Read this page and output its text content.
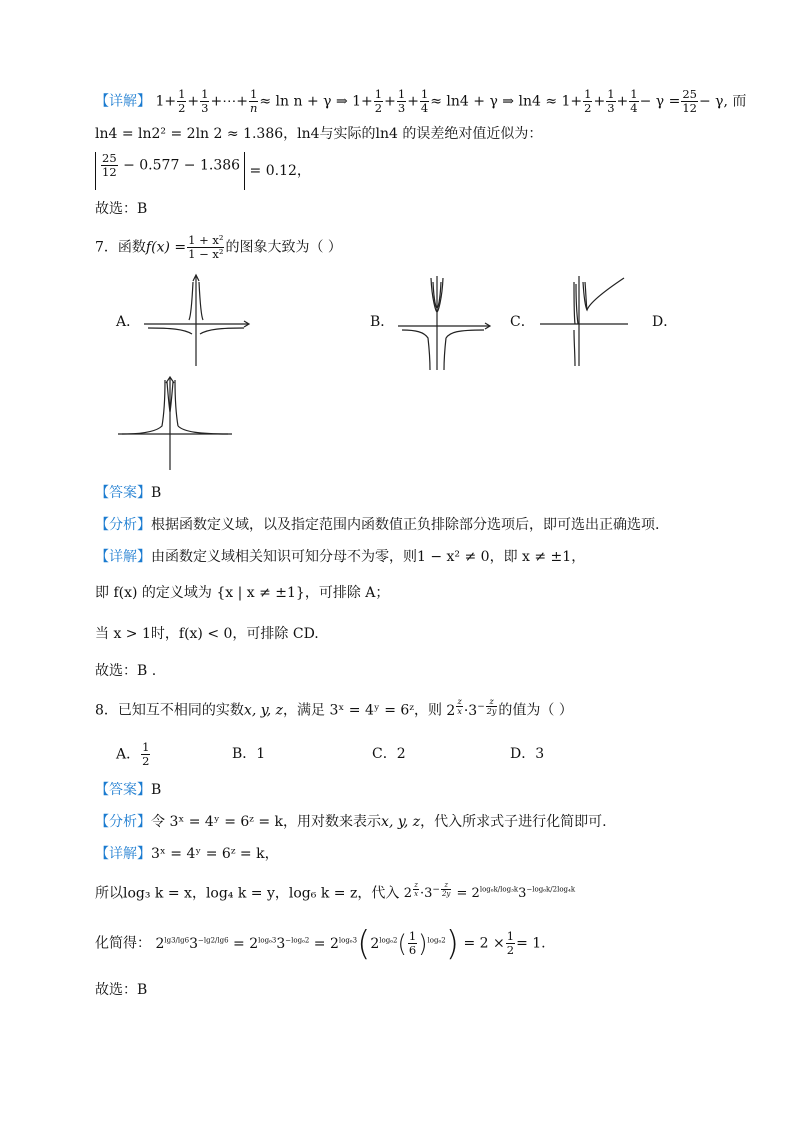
【详解】 $1+ \frac{1}{2} + \frac{1}{3}$ +⋯+ $\frac{1}{n} \approx \ln n + \gamma$ ⇒ $1+ \frac{1}{2} + \frac{1}{3} + \frac{1}{4} \approx \ln 4 + \gamma$ ⇒ $\ln 4 \approx 1+ \frac{1}{2} + \frac{1}{3} + \frac{1}{4} - \gamma = \frac{25}{12} - \gamma$, 而
ln4 = ln2² = 2ln 2 ≈ 1.386，ln4与实际的ln4 的误差绝对值近似为：
$\frac{25}{12} - 0.577 - 1.386 = 0.12$，
故选：B
7．函数$f(x) = \frac{\text{1 + x²}}{\text{1 − x²}}$ 的图象大致为（ ）
A．	B．	C．	D．
【答案】B
【分析】根据函数定义域，以及指定范围内函数值正负排除部分选项后，即可选出正确选项.
【详解】由函数定义域相关知识可知分母不为零，则1 − x² ≠ 0，即 x ≠ ±1，
即 f(x) 的定义域为 {x | x ≠ ±1}，可排除 A；
当 x > 1时，f(x) < 0，可排除 CD.
故选：B .
8．已知互不相同的实数x, y, z，满足 3ˣ = 4ʸ = 6ᶻ，则 2 $^{\frac{z}{x}} \cdot 3^{- \frac{z}{2y}}$ 的值为（ ）
A． $\frac{1}{2}$	B．1	C．2	D．3
【答案】B
【分析】令 3ˣ = 4ʸ = 6ᶻ = k，用对数来表示x, y, z，代入所求式子进行化简即可.
【详解】3ˣ = 4ʸ = 6ᶻ = k，
所以log₃ k = x，log₄ k = y，log₆ k = z，代入 2 $^{\frac{z}{x}} \cdot 3^{- \frac{z}{2y}} = 2^{log_6k/log_3k}3^{-log_6k/2log_4k}$
化简得： $2^{lg3/lg6}3^{-lg2/lg6} = 2^{log_63}3^{-log_62} = 2^{log_63}(2^{log_62}( \frac{1}{6} )^{log_62}) = 2 \times \frac{1}{2} = 1$.
故选：B
